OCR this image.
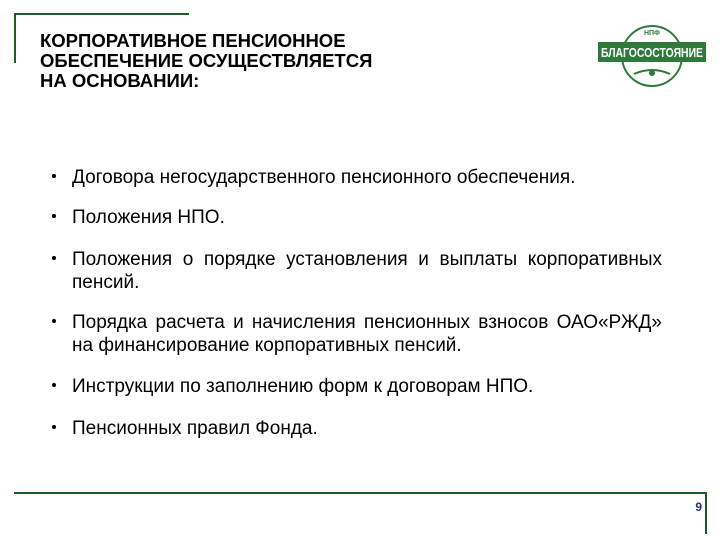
КОРПОРАТИВНОЕ ПЕНСИОННОЕ
ОБЕСПЕЧЕНИЕ ОСУЩЕСТВЛЯЕТСЯ
НА ОСНОВАНИИ:
НПФ
БЛАГОСОСТОЯНИЕ
Договора негосударственного пенсионного обеспечения.
Положения НПО.
Положения о порядке установления и выплаты корпоративных пенсий.
Порядка расчета и начисления пенсионных взносов ОАО«РЖД» на финансирование корпоративных пенсий.
Инструкции по заполнению форм к договорам НПО.
Пенсионных правил Фонда.
9
